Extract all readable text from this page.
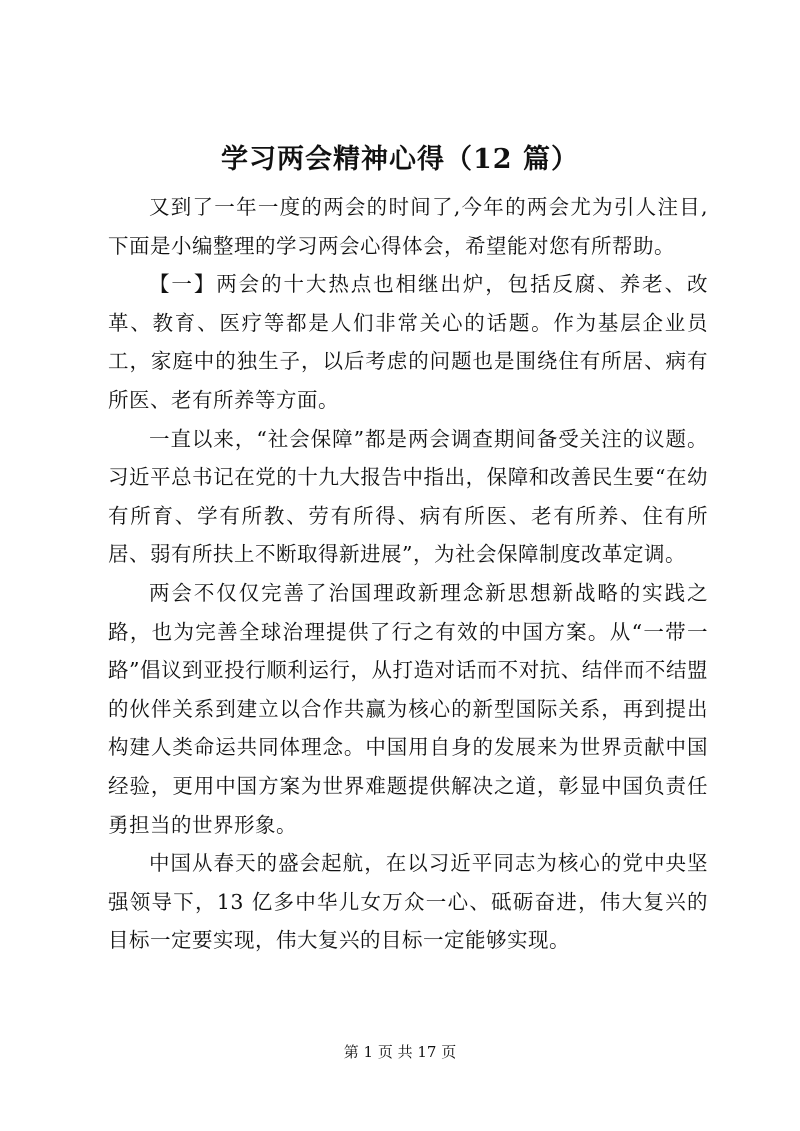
学习两会精神心得（12 篇）

又到了一年一度的两会的时间了,今年的两会尤为引人注目,下面是小编整理的学习两会心得体会，希望能对您有所帮助。

【一】两会的十大热点也相继出炉，包括反腐、养老、改革、教育、医疗等都是人们非常关心的话题。作为基层企业员工，家庭中的独生子，以后考虑的问题也是围绕住有所居、病有所医、老有所养等方面。

一直以来，“社会保障”都是两会调查期间备受关注的议题。习近平总书记在党的十九大报告中指出，保障和改善民生要“在幼有所育、学有所教、劳有所得、病有所医、老有所养、住有所居、弱有所扶上不断取得新进展”，为社会保障制度改革定调。

两会不仅仅完善了治国理政新理念新思想新战略的实践之路，也为完善全球治理提供了行之有效的中国方案。从“一带一路”倡议到亚投行顺利运行，从打造对话而不对抗、结伴而不结盟的伙伴关系到建立以合作共赢为核心的新型国际关系，再到提出构建人类命运共同体理念。中国用自身的发展来为世界贡献中国经验，更用中国方案为世界难题提供解决之道，彰显中国负责任勇担当的世界形象。

中国从春天的盛会起航，在以习近平同志为核心的党中央坚强领导下，13 亿多中华儿女万众一心、砥砺奋进，伟大复兴的目标一定要实现，伟大复兴的目标一定能够实现。

第 1 页 共 17 页
